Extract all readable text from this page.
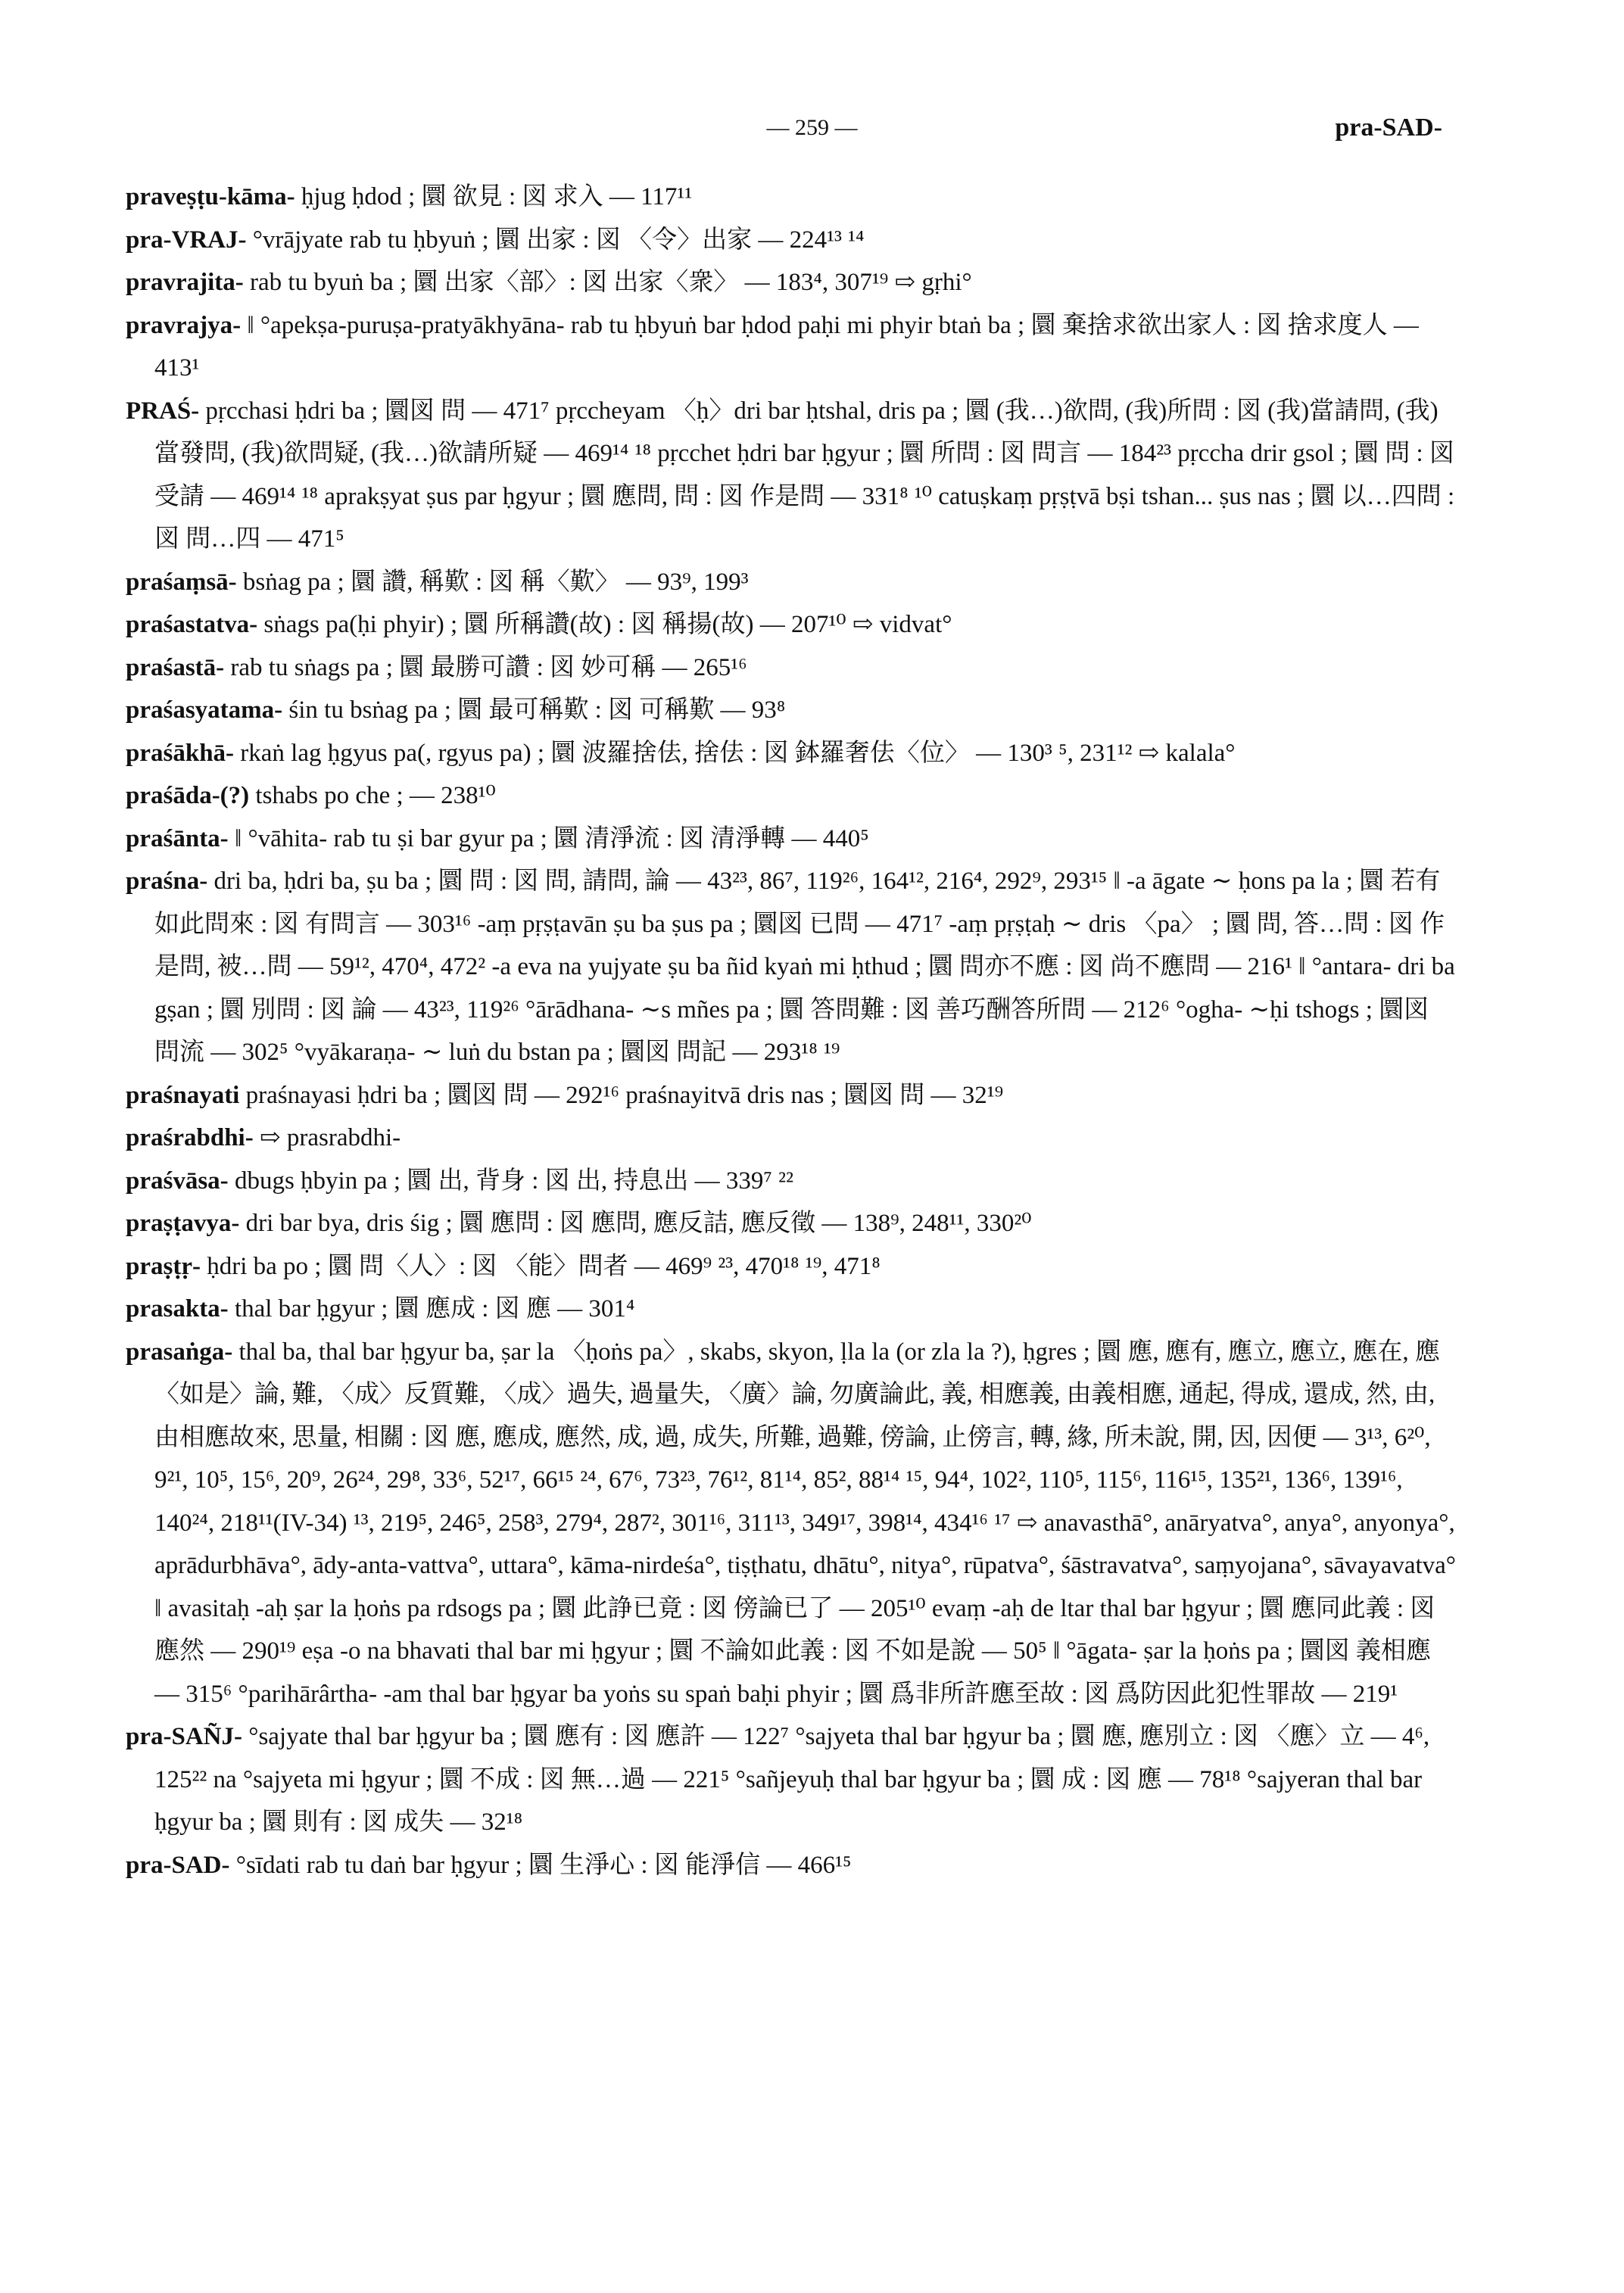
— 259 —	pra-SAD-

praveṣṭu-kāma- ḥjug ḥdod ; 圜 欲見 : 図 求入 — 117¹¹

pra-VRAJ- °vrājyate rab tu ḥbyuṅ ; 圜 出家 : 図 〈令〉出家 — 224¹³ ¹⁴

pravrajita- rab tu byuṅ ba ; 圜 出家〈部〉: 図 出家〈衆〉 — 183⁴, 307¹⁹ ⇨ gṛhi°

pravrajya- ‖ °apekṣa-puruṣa-pratyākhyāna- rab tu ḥbyuṅ bar ḥdod paḥi mi phyir btaṅ ba ; 圜 棄捨求欲出家人 : 図 捨求度人 — 413¹

PRAŚ- pṛcchasi ḥdri ba ; 圜図 問 — 471⁷ pṛccheyam 〈ḥ〉dri bar ḥtshal, dris pa ; 圜 (我…)欲問, (我)所問 : 図 (我)當請問, (我)當發問, (我)欲問疑, (我…)欲請所疑 — 469¹⁴ ¹⁸ pṛcchet ḥdri bar ḥgyur ; 圜 所問 : 図 問言 — 184²³ pṛccha drir gsol ; 圜 問 : 図 受請 — 469¹⁴ ¹⁸ aprakṣyat ṣus par ḥgyur ; 圜 應問, 問 : 図 作是問 — 331⁸ ¹⁰ catuṣkaṃ pṛṣṭvā bṣi tshan... ṣus nas ; 圜 以…四問 : 図 問…四 — 471⁵

praśaṃsā- bsṅag pa ; 圜 讚, 稱歎 : 図 稱〈歎〉 — 93⁹, 199³

praśastatva- sṅags pa(ḥi phyir) ; 圜 所稱讚(故) : 図 稱揚(故) — 207¹⁰ ⇨ vidvat°

praśastā- rab tu sṅags pa ; 圜 最勝可讚 : 図 妙可稱 — 265¹⁶

praśasyatama- śin tu bsṅag pa ; 圜 最可稱歎 : 図 可稱歎 — 93⁸

praśākhā- rkaṅ lag ḥgyus pa(, rgyus pa) ; 圜 波羅捨佉, 捨佉 : 図 鉢羅奢佉〈位〉 — 130³ ⁵, 231¹² ⇨ kalala°

praśāda-(?) tshabs po che ; — 238¹⁰

praśānta- ‖ °vāhita- rab tu ṣi bar gyur pa ; 圜 清淨流 : 図 清淨轉 — 440⁵

praśna- dri ba, ḥdri ba, ṣu ba ; 圜 問 : 図 問, 請問, 論 — 43²³, 86⁷, 119²⁶, 164¹², 216⁴, 292⁹, 293¹⁵ ‖ -a āgate ∼ ḥons pa la ; 圜 若有如此問來 : 図 有問言 — 303¹⁶ -aṃ pṛṣṭavān ṣu ba ṣus pa ; 圜図 已問 — 471⁷ -aṃ pṛṣṭaḥ ∼ dris 〈pa〉 ; 圜 問, 答…問 : 図 作是問, 被…問 — 59¹², 470⁴, 472² -a eva na yujyate ṣu ba ñid kyaṅ mi ḥthud ; 圜 問亦不應 : 図 尚不應問 — 216¹ ‖ °antara- dri ba gṣan ; 圜 別問 : 図 論 — 43²³, 119²⁶ °ārādhana- ∼s mñes pa ; 圜 答問難 : 図 善巧酬答所問 — 212⁶ °ogha- ∼ḥi tshogs ; 圜図 問流 — 302⁵ °vyākaraṇa- ∼ luṅ du bstan pa ; 圜図 問記 — 293¹⁸ ¹⁹

praśnayati praśnayasi ḥdri ba ; 圜図 問 — 292¹⁶ praśnayitvā dris nas ; 圜図 問 — 32¹⁹

praśrabdhi- ⇨ prasrabdhi-

praśvāsa- dbugs ḥbyin pa ; 圜 出, 背身 : 図 出, 持息出 — 339⁷ ²²

praṣṭavya- dri bar bya, dris śig ; 圜 應問 : 図 應問, 應反詰, 應反徵 — 138⁹, 248¹¹, 330²⁰

praṣṭṛ- ḥdri ba po ; 圜 問〈人〉: 図 〈能〉問者 — 469⁹ ²³, 470¹⁸ ¹⁹, 471⁸

prasakta- thal bar ḥgyur ; 圜 應成 : 図 應 — 301⁴

prasaṅga- thal ba, thal bar ḥgyur ba, ṣar la 〈ḥoṅs pa〉, skabs, skyon, ḷla la (or zla la ?), ḥgres ; 圜 應, 應有, 應立, 應立, 應在, 應〈如是〉論, 難, 〈成〉反質難, 〈成〉過失, 過量失, 〈廣〉論, 勿廣論此, 義, 相應義, 由義相應, 通起, 得成, 還成, 然, 由, 由相應故來, 思量, 相關 : 図 應, 應成, 應然, 成, 過, 成失, 所難, 過難, 傍論, 止傍言, 轉, 緣, 所未說, 開, 因, 因便 — 3¹³, 6²⁰, 9²¹, 10⁵, 15⁶, 20⁹, 26²⁴, 29⁸, 33⁶, 52¹⁷, 66¹⁵ ²⁴, 67⁶, 73²³, 76¹², 81¹⁴, 85², 88¹⁴ ¹⁵, 94⁴, 102², 110⁵, 115⁶, 116¹⁵, 135²¹, 136⁶, 139¹⁶, 140²⁴, 218¹¹(IV-34) ¹³, 219⁵, 246⁵, 258³, 279⁴, 287², 301¹⁶, 311¹³, 349¹⁷, 398¹⁴, 434¹⁶ ¹⁷ ⇨ anavasthā°, anāryatva°, anya°, anyonya°, aprādurbhāva°, ādy-anta-vattva°, uttara°, kāma-nirdeśa°, tiṣṭhatu, dhātu°, nitya°, rūpatva°, śāstravatva°, saṃyojana°, sāvayavatva° ‖ avasitaḥ -aḥ ṣar la ḥoṅs pa rdsogs pa ; 圜 此諍已竟 : 図 傍論已了 — 205¹⁰ evaṃ -aḥ de ltar thal bar ḥgyur ; 圜 應同此義 : 図 應然 — 290¹⁹ eṣa -o na bhavati thal bar mi ḥgyur ; 圜 不論如此義 : 図 不如是說 — 50⁵ ‖ °āgata- ṣar la ḥoṅs pa ; 圜図 義相應 — 315⁶ °parihārârtha- -am thal bar ḥgyar ba yoṅs su spaṅ baḥi phyir ; 圜 爲非所許應至故 : 図 爲防因此犯性罪故 — 219¹

pra-SAÑJ- °sajyate thal bar ḥgyur ba ; 圜 應有 : 図 應許 — 122⁷ °sajyeta thal bar ḥgyur ba ; 圜 應, 應別立 : 図 〈應〉立 — 4⁶, 125²² na °sajyeta mi ḥgyur ; 圜 不成 : 図 無…過 — 221⁵ °sañjeyuḥ thal bar ḥgyur ba ; 圜 成 : 図 應 — 78¹⁸ °sajyeran thal bar ḥgyur ba ; 圜 則有 : 図 成失 — 32¹⁸

pra-SAD- °sīdati rab tu daṅ bar ḥgyur ; 圜 生淨心 : 図 能淨信 — 466¹⁵
